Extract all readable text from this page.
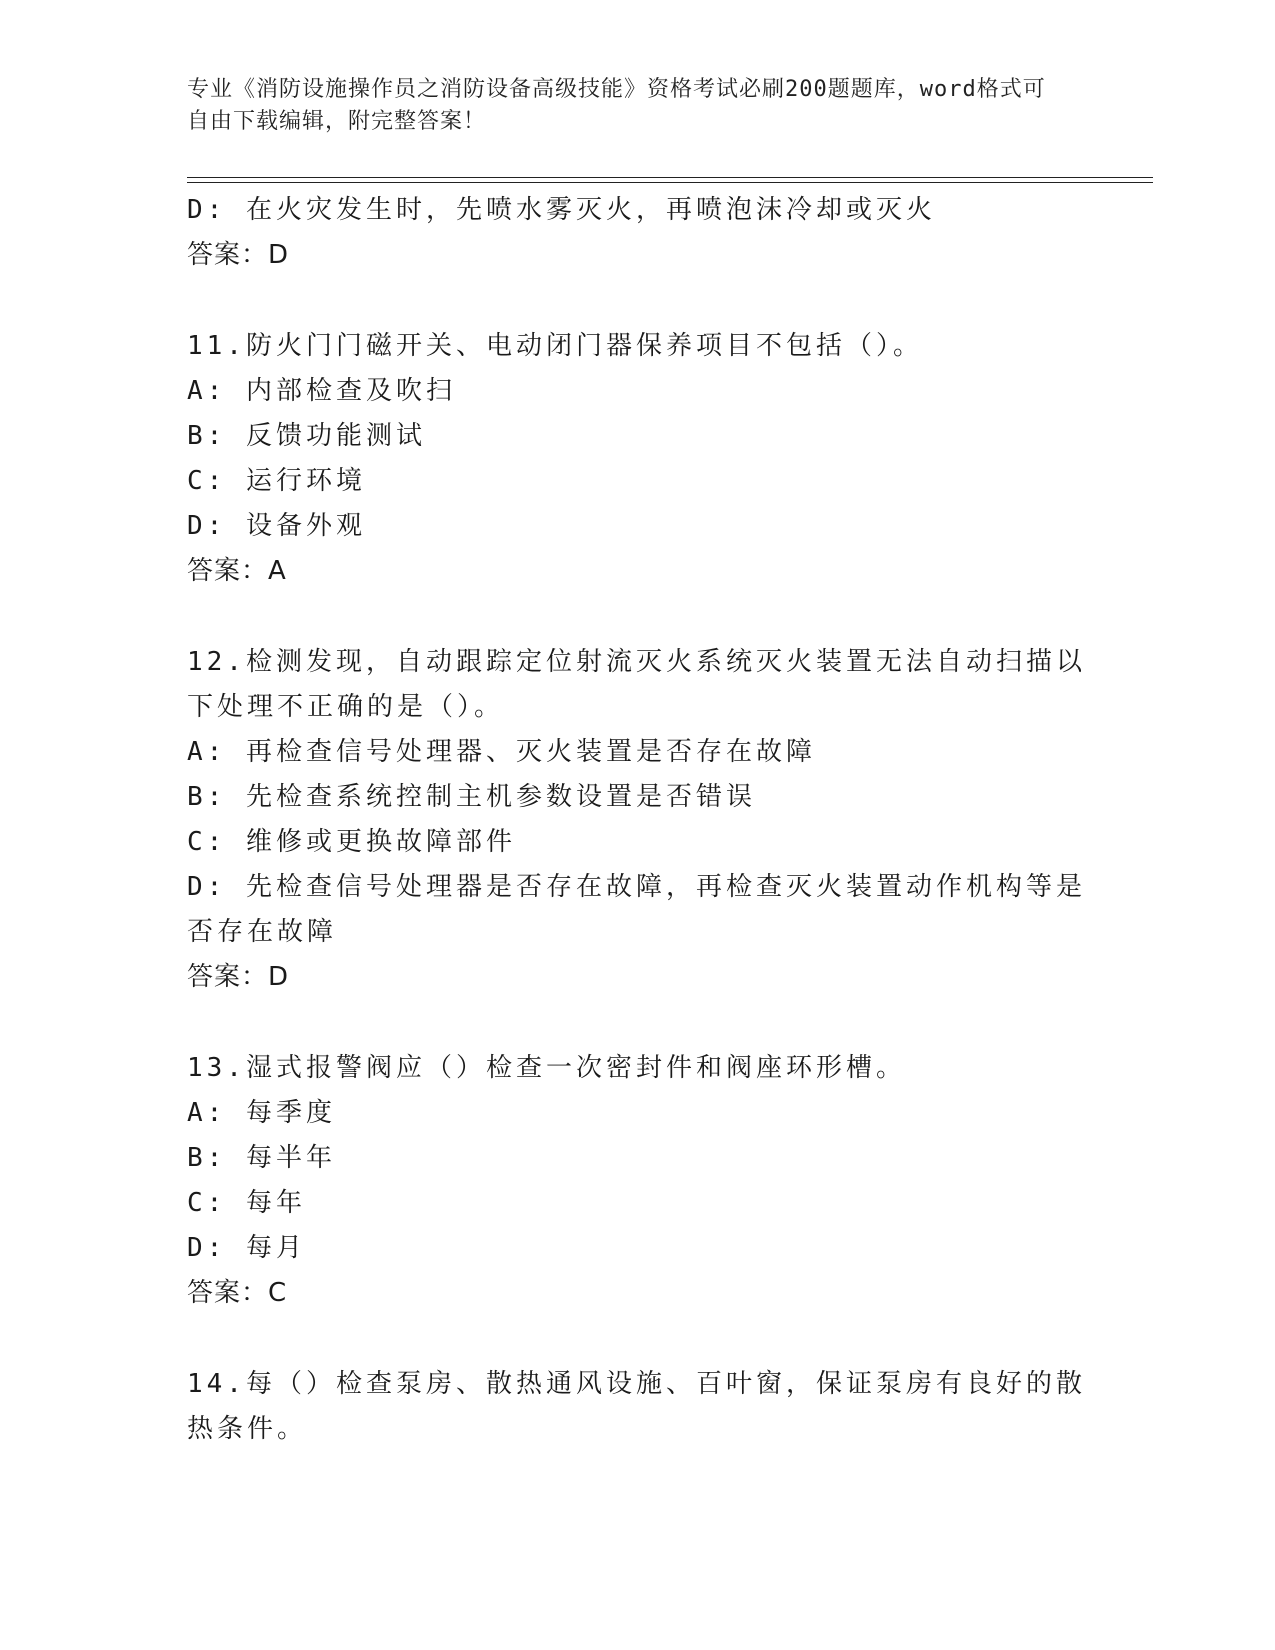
专业《消防设施操作员之消防设备高级技能》资格考试必刷200题题库，word格式可自由下载编辑，附完整答案！
D: 在火灾发生时，先喷水雾灭火，再喷泡沫冷却或灭火
答案：D
11.防火门门磁开关、电动闭门器保养项目不包括（）。
A: 内部检查及吹扫
B: 反馈功能测试
C: 运行环境
D: 设备外观
答案：A
12.检测发现，自动跟踪定位射流灭火系统灭火装置无法自动扫描以下处理不正确的是（）。
A: 再检查信号处理器、灭火装置是否存在故障
B: 先检查系统控制主机参数设置是否错误
C: 维修或更换故障部件
D: 先检查信号处理器是否存在故障，再检查灭火装置动作机构等是否存在故障
答案：D
13.湿式报警阀应（）检查一次密封件和阀座环形槽。
A: 每季度
B: 每半年
C: 每年
D: 每月
答案：C
14.每（）检查泵房、散热通风设施、百叶窗，保证泵房有良好的散热条件。
